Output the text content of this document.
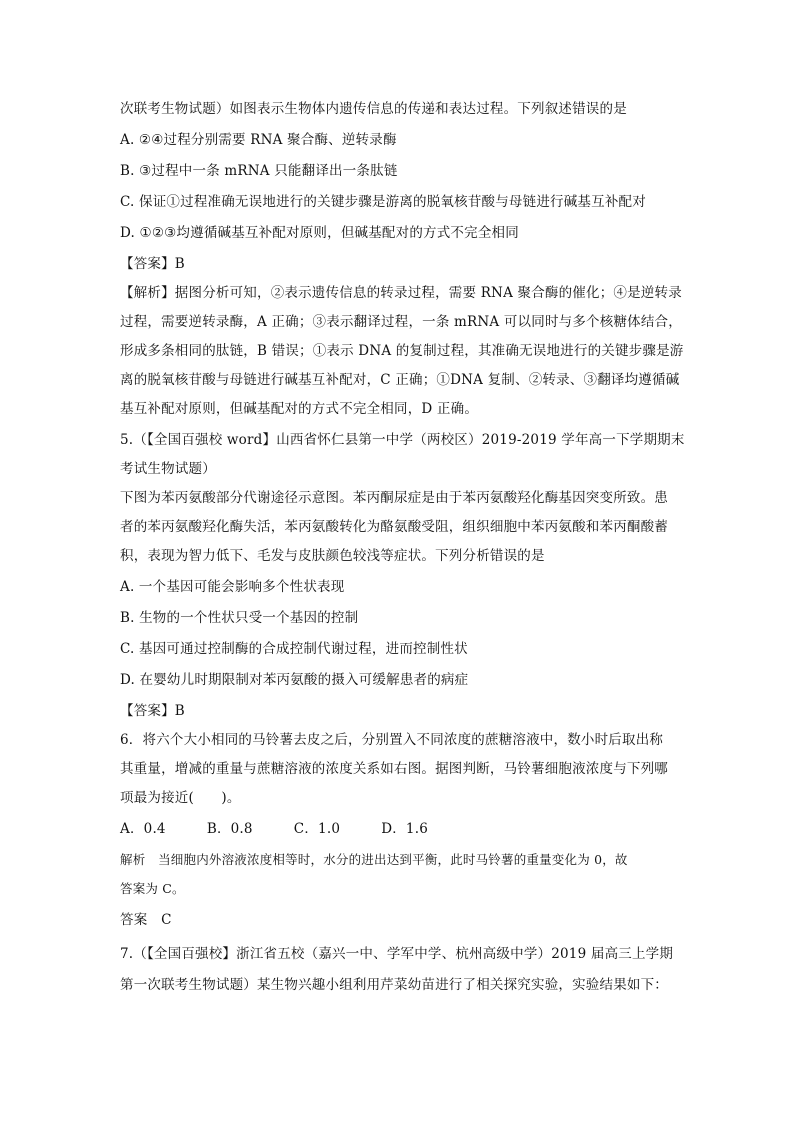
次联考生物试题）如图表示生物体内遗传信息的传递和表达过程。下列叙述错误的是

A. ②④过程分别需要 RNA 聚合酶、逆转录酶

B. ③过程中一条 mRNA 只能翻译出一条肽链

C. 保证①过程准确无误地进行的关键步骤是游离的脱氧核苷酸与母链进行碱基互补配对

D. ①②③均遵循碱基互补配对原则，但碱基配对的方式不完全相同

【答案】B

【解析】据图分析可知，②表示遗传信息的转录过程，需要 RNA 聚合酶的催化；④是逆转录

过程，需要逆转录酶，A 正确；③表示翻译过程，一条 mRNA 可以同时与多个核糖体结合，

形成多条相同的肽链，B 错误；①表示 DNA 的复制过程，其准确无误地进行的关键步骤是游

离的脱氧核苷酸与母链进行碱基互补配对，C 正确；①DNA 复制、②转录、③翻译均遵循碱

基互补配对原则，但碱基配对的方式不完全相同，D 正确。

5.（【全国百强校 word】山西省怀仁县第一中学（两校区）2019-2019 学年高一下学期期末

考试生物试题）

下图为苯丙氨酸部分代谢途径示意图。苯丙酮尿症是由于苯丙氨酸羟化酶基因突变所致。患

者的苯丙氨酸羟化酶失活，苯丙氨酸转化为酪氨酸受阻，组织细胞中苯丙氨酸和苯丙酮酸蓄

积，表现为智力低下、毛发与皮肤颜色较浅等症状。下列分析错误的是

A. 一个基因可能会影响多个性状表现

B. 生物的一个性状只受一个基因的控制

C. 基因可通过控制酶的合成控制代谢过程，进而控制性状

D. 在婴幼儿时期限制对苯丙氨酸的摄入可缓解患者的病症

【答案】B

6．将六个大小相同的马铃薯去皮之后，分别置入不同浓度的蔗糖溶液中，数小时后取出称

其重量，增减的重量与蔗糖溶液的浓度关系如右图。据图判断，马铃薯细胞液浓度与下列哪

项最为接近(　　)。

A．0.4　　　B．0.8　　　C．1.0　　　D．1.6

解析　当细胞内外溶液浓度相等时，水分的进出达到平衡，此时马铃薯的重量变化为 0，故

答案为 C。

答案　C

7.（【全国百强校】浙江省五校（嘉兴一中、学军中学、杭州高级中学）2019 届高三上学期

第一次联考生物试题）某生物兴趣小组利用芹菜幼苗进行了相关探究实验，实验结果如下：
